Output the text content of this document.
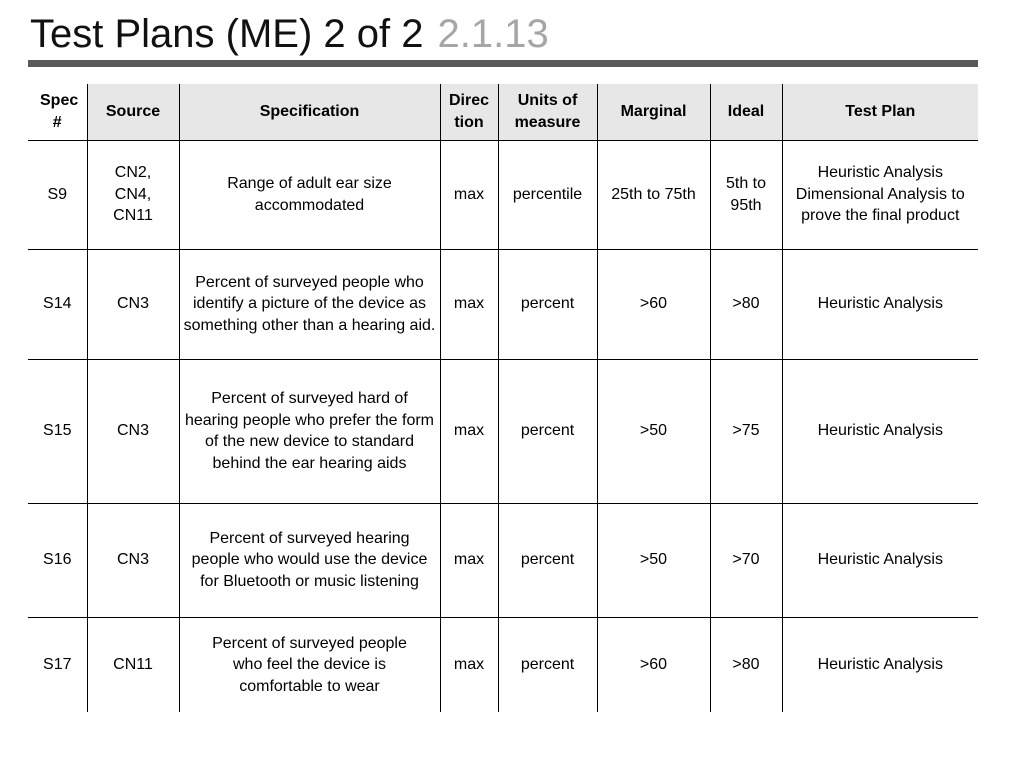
Test Plans (ME) 2 of 2 2.1.13
Spec #	Source	Specification	Direc tion	Units of measure	Marginal	Ideal	Test Plan
S9	CN2, CN4, CN11	Range of adult ear size accommodated	max	percentile	25th to 75th	5th to 95th	Heuristic Analysis Dimensional Analysis to prove the final product
S14	CN3	Percent of surveyed people who identify a picture of the device as something other than a hearing aid.	max	percent	>60	>80	Heuristic Analysis
S15	CN3	Percent of surveyed hard of hearing people who prefer the form of the new device to standard behind the ear hearing aids	max	percent	>50	>75	Heuristic Analysis
S16	CN3	Percent of surveyed hearing people who would use the device for Bluetooth or music listening	max	percent	>50	>70	Heuristic Analysis
S17	CN11	Percent of surveyed people who feel the device is comfortable to wear	max	percent	>60	>80	Heuristic Analysis
